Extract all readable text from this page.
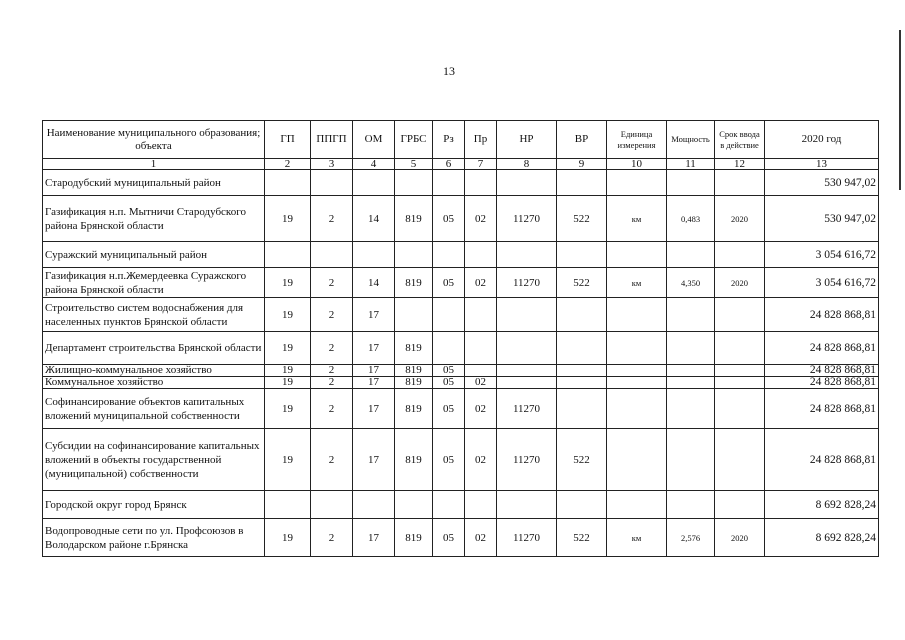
13
Наименование муниципального образования; объекта	ГП	ППГП	ОМ	ГРБС	Рз	Пр	НР	ВР	Единица измерения	Мощность	Срок ввода в действие	2020 год
1	2	3	4	5	6	7	8	9	10	11	12	13
Стародубский муниципальный район												530 947,02
Газификация н.п. Мытничи Стародубского района Брянской области	19	2	14	819	05	02	11270	522	км	0,483	2020	530 947,02
Суражский муниципальный район												3 054 616,72
Газификация н.п.Жемердеевка Суражского района Брянской области	19	2	14	819	05	02	11270	522	км	4,350	2020	3 054 616,72
Строительство систем водоснабжения для населенных пунктов Брянской области	19	2	17									24 828 868,81
Департамент строительства Брянской области	19	2	17	819								24 828 868,81
Жилищно-коммунальное хозяйство	19	2	17	819	05							24 828 868,81
Коммунальное хозяйство	19	2	17	819	05	02						24 828 868,81
Софинансирование объектов капитальных вложений муниципальной собственности	19	2	17	819	05	02	11270					24 828 868,81
Субсидии на софинансирование капитальных вложений в объекты государственной (муниципальной) собственности	19	2	17	819	05	02	11270	522				24 828 868,81
Городской округ город Брянск												8 692 828,24
Водопроводные сети по ул. Профсоюзов в Володарском районе г.Брянска	19	2	17	819	05	02	11270	522	км	2,576	2020	8 692 828,24
